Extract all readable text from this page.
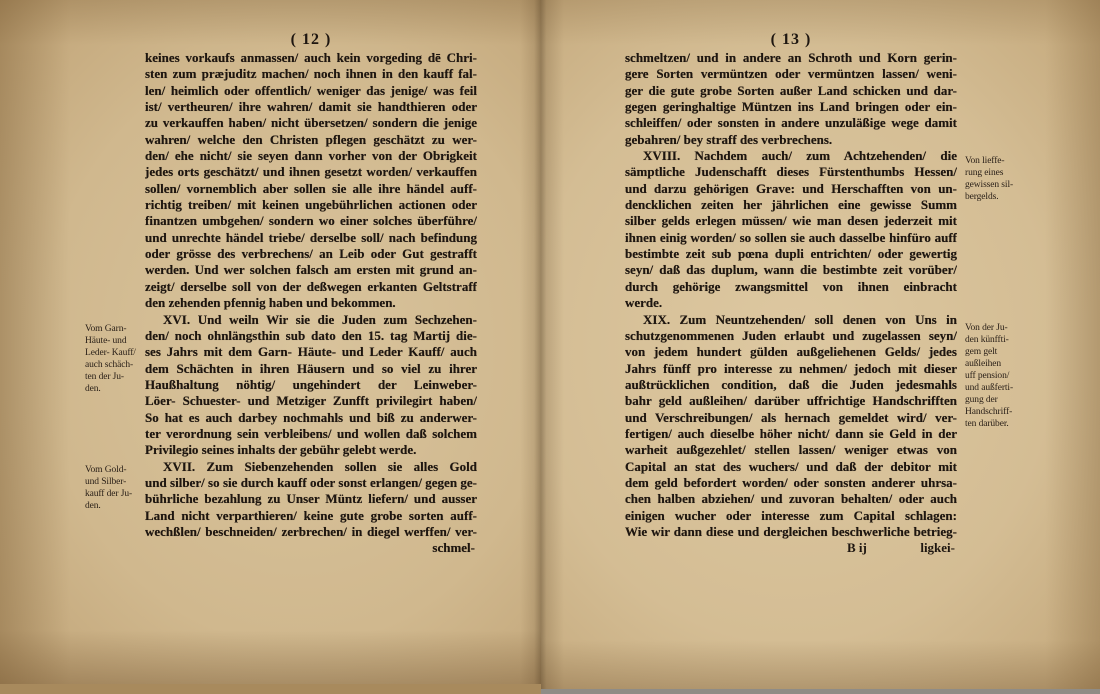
( 12 )
keines vorkaufs anmassen/ auch kein vorgeding dē Chri-
sten zum præjuditz machen/ noch ihnen in den kauff fal-
len/ heimlich oder offentlich/ weniger das jenige/ was feil
ist/ vertheuren/ ihre wahren/ damit sie handthieren oder
zu verkauffen haben/ nicht übersetzen/ sondern die jenige
wahren/ welche den Christen pflegen geschätzt zu wer-
den/ ehe nicht/ sie seyen dann vorher von der Obrigkeit
jedes orts geschätzt/ und ihnen gesetzt worden/ verkauffen
sollen/ vornemblich aber sollen sie alle ihre händel auff-
richtig treiben/ mit keinen ungebührlichen actionen oder
finantzen umbgehen/ sondern wo einer solches überführe/
und unrechte händel triebe/ derselbe soll/ nach befindung
oder grösse des verbrechens/ an Leib oder Gut gestrafft
werden. Und wer solchen falsch am ersten mit grund an-
zeigt/ derselbe soll von der deßwegen erkanten Geltstraff
den zehenden pfennig haben und bekommen.
XVI. Und weiln Wir sie die Juden zum Sechzehen-
den/ noch ohnlängsthin sub dato den 15. tag Martij die-
ses Jahrs mit dem Garn- Häute- und Leder Kauff/ auch
dem Schächten in ihren Häusern und so viel zu ihrer
Haußhaltung nöhtig/ ungehindert der Leinweber-
Löer- Schuester- und Metziger Zunfft privilegirt haben/
So hat es auch darbey nochmahls und biß zu anderwer-
ter verordnung sein verbleibens/ und wollen daß solchem
Privilegio seines inhalts der gebühr gelebt werde.
XVII. Zum Siebenzehenden sollen sie alles Gold
und silber/ so sie durch kauff oder sonst erlangen/ gegen ge-
bührliche bezahlung zu Unser Müntz liefern/ und ausser
Land nicht verparthieren/ keine gute grobe sorten auff-
wechßlen/ beschneiden/ zerbrechen/ in diegel werffen/ ver-
schmel-
Vom Garn-
Häute- und
Leder- Kauff/
auch schäch-
ten der Ju-
den.
Vom Gold-
und Silber-
kauff der Ju-
den.
( 13 )
schmeltzen/ und in andere an Schroth und Korn gerin-
gere Sorten vermüntzen oder vermüntzen lassen/ weni-
ger die gute grobe Sorten außer Land schicken und dar-
gegen geringhaltige Müntzen ins Land bringen oder ein-
schleiffen/ oder sonsten in andere unzuläßige wege damit
gebahren/ bey straff des verbrechens.
XVIII. Nachdem auch/ zum Achtzehenden/ die
sämptliche Judenschafft dieses Fürstenthumbs Hessen/
und darzu gehörigen Grave: und Herschafften von un-
dencklichen zeiten her jährlichen eine gewisse Summ
silber gelds erlegen müssen/ wie man desen jederzeit mit
ihnen einig worden/ so sollen sie auch dasselbe hinfüro auff
bestimbte zeit sub pœna dupli entrichten/ oder gewertig
seyn/ daß das duplum, wann die bestimbte zeit vorüber/
durch gehörige zwangsmittel von ihnen einbracht
werde.
XIX. Zum Neuntzehenden/ soll denen von Uns in
schutzgenommenen Juden erlaubt und zugelassen seyn/
von jedem hundert gülden außgeliehenen Gelds/ jedes
Jahrs fünff pro interesse zu nehmen/ jedoch mit dieser
außtrücklichen condition, daß die Juden jedesmahls
bahr geld außleihen/ darüber uffrichtige Handschrifften
und Verschreibungen/ als hernach gemeldet wird/ ver-
fertigen/ auch dieselbe höher nicht/ dann sie Geld in der
warheit außgezehlet/ stellen lassen/ weniger etwas von
Capital an stat des wuchers/ und daß der debitor mit
dem geld befordert worden/ oder sonsten anderer uhrsa-
chen halben abziehen/ und zuvoran behalten/ oder auch
einigen wucher oder interesse zum Capital schlagen:
Wie wir dann diese und dergleichen beschwerliche betrieg-
B ij	ligkei-
Von lieffe-
rung eines
gewissen sil-
bergelds.
Von der Ju-
den künffti-
gem gelt
außleihen
uff pension/
und außferti-
gung der
Handschriff-
ten darüber.
